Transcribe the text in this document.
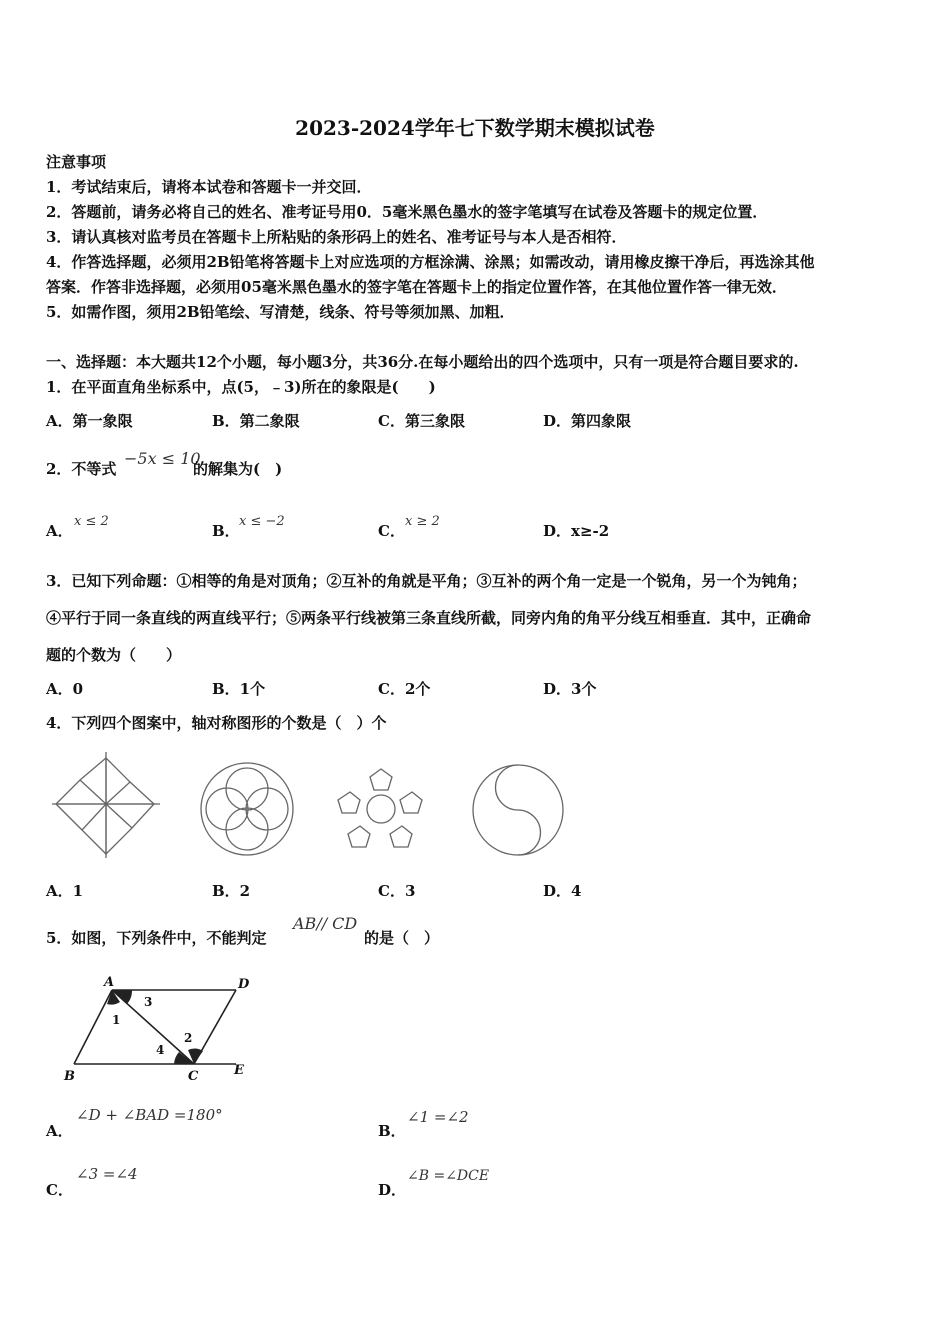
2023-2024学年七下数学期末模拟试卷
注意事项
1．考试结束后，请将本试卷和答题卡一并交回．
2．答题前，请务必将自己的姓名、准考证号用0．5毫米黑色墨水的签字笔填写在试卷及答题卡的规定位置．
3．请认真核对监考员在答题卡上所粘贴的条形码上的姓名、准考证号与本人是否相符．
4．作答选择题，必须用2B铅笔将答题卡上对应选项的方框涂满、涂黑；如需改动，请用橡皮擦干净后，再选涂其他
答案．作答非选择题，必须用05毫米黑色墨水的签字笔在答题卡上的指定位置作答，在其他位置作答一律无效．
5．如需作图，须用2B铅笔绘、写清楚，线条、符号等须加黑、加粗．
一、选择题：本大题共12个小题，每小题3分，共36分.在每小题给出的四个选项中，只有一项是符合题目要求的.
1．在平面直角坐标系中，点(5，﹣3)所在的象限是(　　)
A．第一象限	B．第二象限	C．第三象限	D．第四象限
2．不等式
−5x ≤ 10
的解集为(　)
A．
x ≤ 2
B．
x ≤ −2
C．
x ≥ 2
D．x≥-2
3．已知下列命题：①相等的角是对顶角；②互补的角就是平角；③互补的两个角一定是一个锐角，另一个为钝角；
④平行于同一条直线的两直线平行；⑤两条平行线被第三条直线所截，同旁内角的角平分线互相垂直．其中，正确命
题的个数为（　　）
A．0	B．1个	C．2个	D．3个
4．下列四个图案中，轴对称图形的个数是（　）个
A．1	B．2	C．3	D．4
5．如图，下列条件中，不能判定
AB// CD
的是（　）
A	D
B	C	E
1
2
3
4
A．
∠D + ∠BAD =180°
B．
∠1 =∠2
C．
∠3 =∠4
D．
∠B =∠DCE
